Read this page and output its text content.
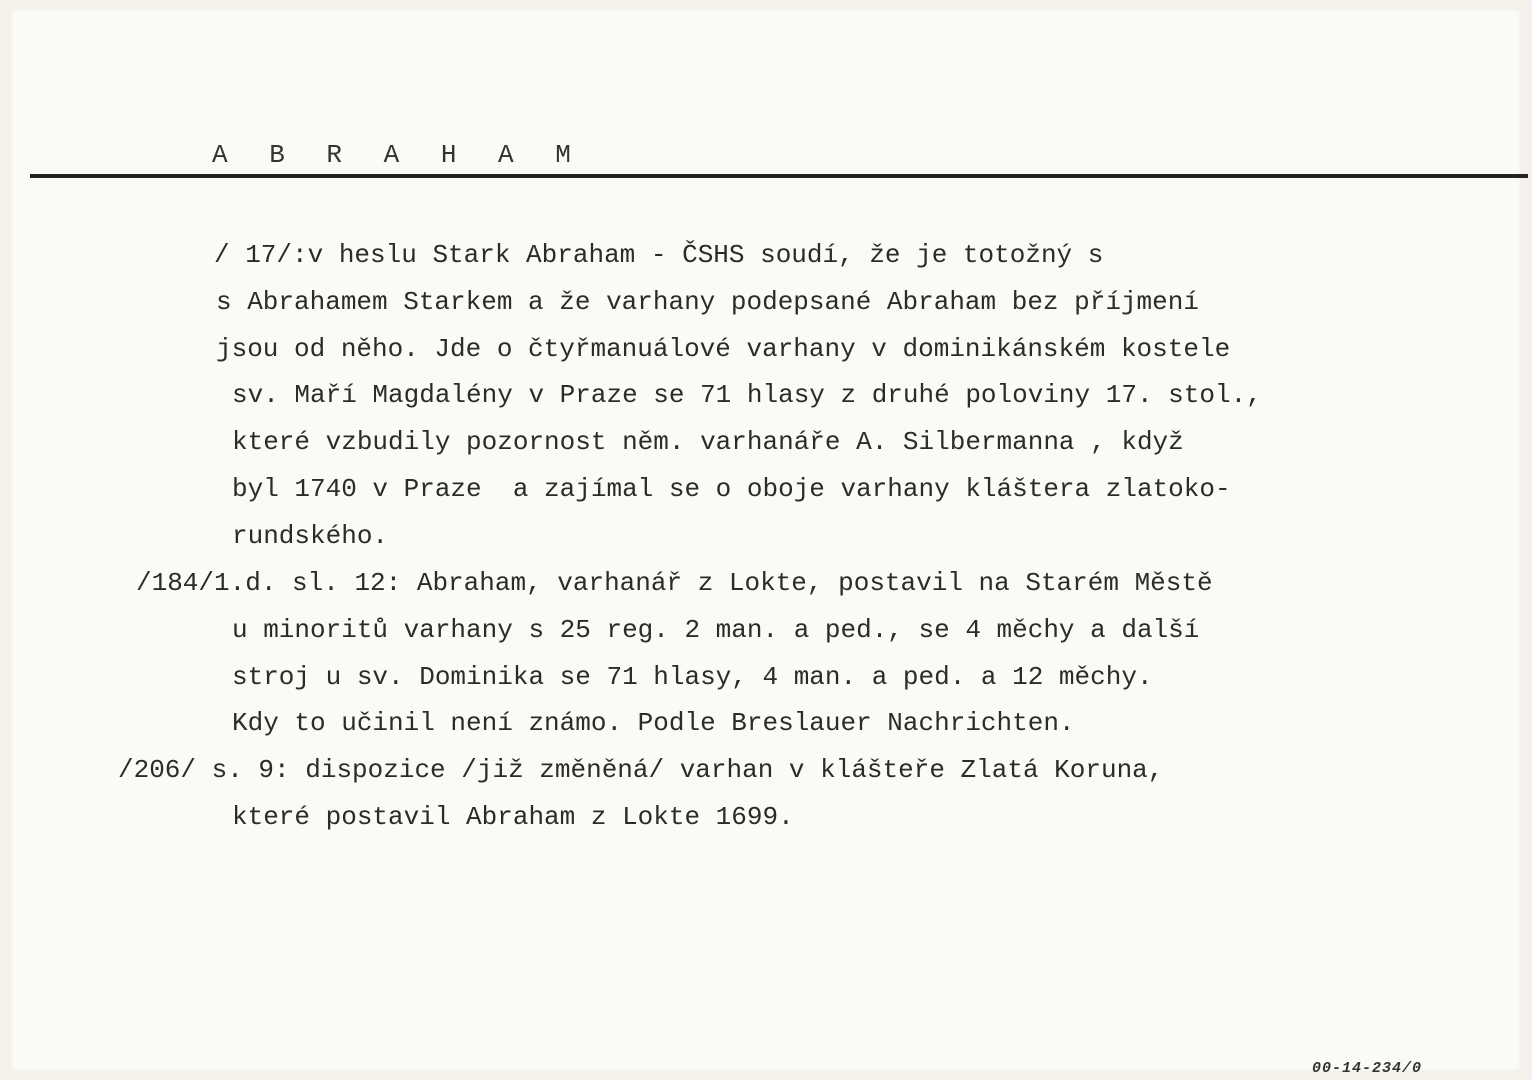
A B R A H A M
/ 17/:v heslu Stark Abraham - ČSHS soudí, že je totožný s
s Abrahamem Starkem a že varhany podepsané Abraham bez příjmení
jsou od něho. Jde o čtyřmanuálové varhany v dominikánském kostele
sv. Maří Magdalény v Praze se 71 hlasy z druhé poloviny 17. stol.,
které vzbudily pozornost něm. varhanáře A. Silbermanna , když
byl 1740 v Praze  a zajímal se o oboje varhany kláštera zlatoko-
rundského.
/184/1.d. sl. 12: Abraham, varhanář z Lokte, postavil na Starém Městě
u minoritů varhany s 25 reg. 2 man. a ped., se 4 měchy a další
stroj u sv. Dominika se 71 hlasy, 4 man. a ped. a 12 měchy.
Kdy to učinil není známo. Podle Breslauer Nachrichten.
/206/ s. 9: dispozice /již změněná/ varhan v klášteře Zlatá Koruna,
které postavil Abraham z Lokte 1699.
00-14-234/0
